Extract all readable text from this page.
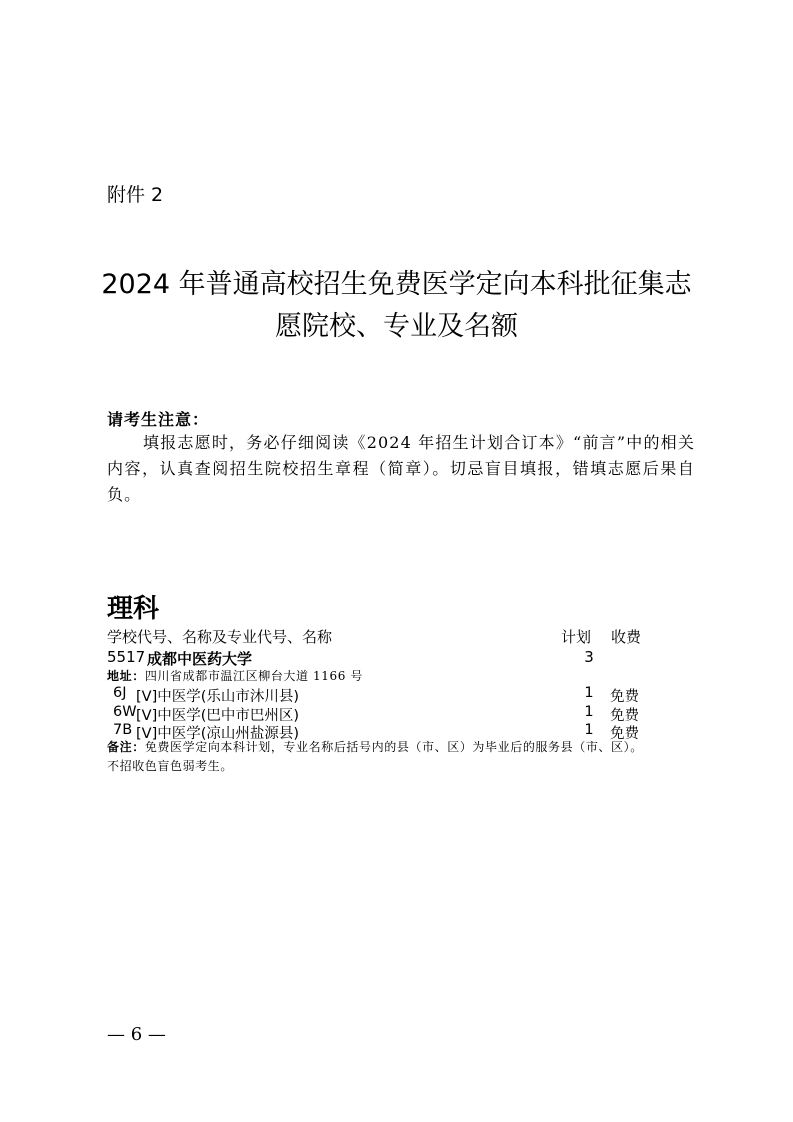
附件 2
2024 年普通高校招生免费医学定向本科批征集志
愿院校、专业及名额
请考生注意：
填报志愿时，务必仔细阅读《2024 年招生计划合订本》“前言”中的相关内容，认真查阅招生院校招生章程（简章）。切忌盲目填报，错填志愿后果自负。
理科
学校代号、名称及专业代号、名称	计划 收费
5517 成都中医药大学	3
地址：四川省成都市温江区柳台大道 1166 号
6J [V]中医学(乐山市沐川县)	1 免费
6W [V]中医学(巴中市巴州区)	1 免费
7B [V]中医学(凉山州盐源县)	1 免费
备注：免费医学定向本科计划，专业名称后括号内的县（市、区）为毕业后的服务县（市、区）。
不招收色盲色弱考生。
— 6 —
